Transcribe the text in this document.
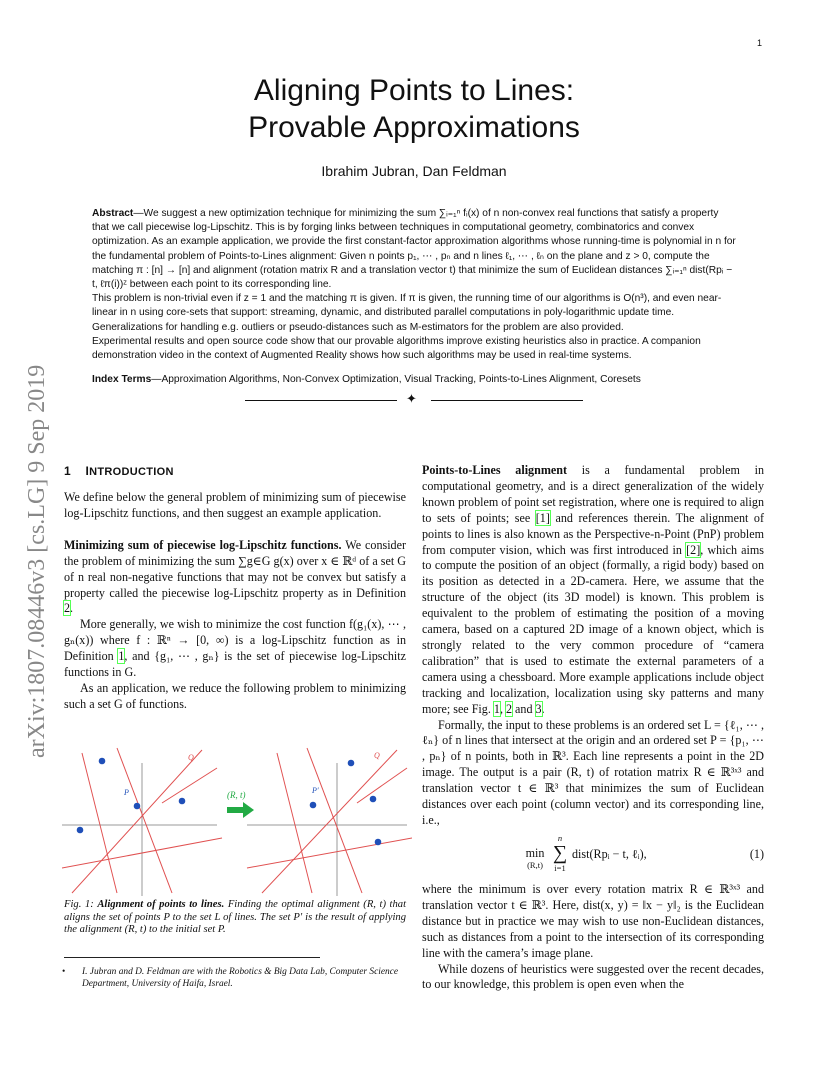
1
arXiv:1807.08446v3 [cs.LG] 9 Sep 2019
Aligning Points to Lines:
Provable Approximations
Ibrahim Jubran, Dan Feldman

Abstract—We suggest a new optimization technique for minimizing the sum ∑ᵢ₌₁ⁿ fᵢ(x) of n non-convex real functions that satisfy a property that we call piecewise log-Lipschitz. This is by forging links between techniques in computational geometry, combinatorics and convex optimization. As an example application, we provide the first constant-factor approximation algorithms whose running-time is polynomial in n for the fundamental problem of Points-to-Lines alignment: Given n points p₁, ⋯ , pₙ and n lines ℓ₁, ⋯ , ℓₙ on the plane and z > 0, compute the matching π : [n] → [n] and alignment (rotation matrix R and a translation vector t) that minimize the sum of Euclidean distances ∑ᵢ₌₁ⁿ dist(Rpᵢ − t, ℓπ(i))ᶻ between each point to its corresponding line.

This problem is non-trivial even if z = 1 and the matching π is given. If π is given, the running time of our algorithms is O(n³), and even near-linear in n using core-sets that support: streaming, dynamic, and distributed parallel computations in poly-logarithmic update time. Generalizations for handling e.g. outliers or pseudo-distances such as M-estimators for the problem are also provided.

Experimental results and open source code show that our provable algorithms improve existing heuristics also in practice. A companion demonstration video in the context of Augmented Reality shows how such algorithms may be used in real-time systems.

Index Terms—Approximation Algorithms, Non-Convex Optimization, Visual Tracking, Points-to-Lines Alignment, Coresets
✦
1 INTRODUCTION

We define below the general problem of minimizing sum of piecewise log-Lipschitz functions, and then suggest an example application.

Minimizing sum of piecewise log-Lipschitz functions. We consider the problem of minimizing the sum ∑g∈G g(x) over x ∈ ℝᵈ of a set G of n real non-negative functions that may not be convex but satisfy a property called the piecewise log-Lipschitz property as in Definition 2.

More generally, we wish to minimize the cost function f(g₁(x), ⋯ , gₙ(x)) where f : ℝⁿ → [0, ∞) is a log-Lipschitz function as in Definition 1, and {g₁, ⋯ , gₙ} is the set of piecewise log-Lipschitz functions in G.

As an application, we reduce the following problem to minimizing such a set G of functions.

P
Q
(R, t)	P′
Q
Fig. 1: Alignment of points to lines. Finding the optimal alignment (R, t) that aligns the set of points P to the set L of lines. The set P′ is the result of applying the alignment (R, t) to the initial set P.
• I. Jubran and D. Feldman are with the Robotics & Big Data Lab, Computer Science Department, University of Haifa, Israel.

Points-to-Lines alignment is a fundamental problem in computational geometry, and is a direct generalization of the widely known problem of point set registration, where one is required to align to sets of points; see [1] and references therein. The alignment of points to lines is also known as the Perspective-n-Point (PnP) problem from computer vision, which was first introduced in [2], which aims to compute the position of an object (formally, a rigid body) based on its position as detected in a 2D-camera. Here, we assume that the structure of the object (its 3D model) is known. This problem is equivalent to the problem of estimating the position of a moving camera, based on a captured 2D image of a known object, which is strongly related to the very common procedure of “camera calibration” that is used to estimate the external parameters of a camera using a chessboard. More example applications include object tracking and localization, localization using sky patterns and many more; see Fig. 1, 2 and 3.

Formally, the input to these problems is an ordered set L = {ℓ₁, ⋯ , ℓₙ} of n lines that intersect at the origin and an ordered set P = {p₁, ⋯ , pₙ} of n points, both in ℝ³. Each line represents a point in the 2D image. The output is a pair (R, t) of rotation matrix R ∈ ℝ³ˣ³ and translation vector t ∈ ℝ³ that minimizes the sum of Euclidean distances over each point (column vector) and its corresponding line, i.e.,

min
(R,t)
n
∑
i=1
dist(Rpᵢ − t, ℓᵢ),	(1)

where the minimum is over every rotation matrix R ∈ ℝ³ˣ³ and translation vector t ∈ ℝ³. Here, dist(x, y) = ‖x − y‖₂ is the Euclidean distance but in practice we may wish to use non-Euclidean distances, such as distances from a point to the intersection of its corresponding line with the camera’s image plane.

While dozens of heuristics were suggested over the recent decades, to our knowledge, this problem is open even when the
